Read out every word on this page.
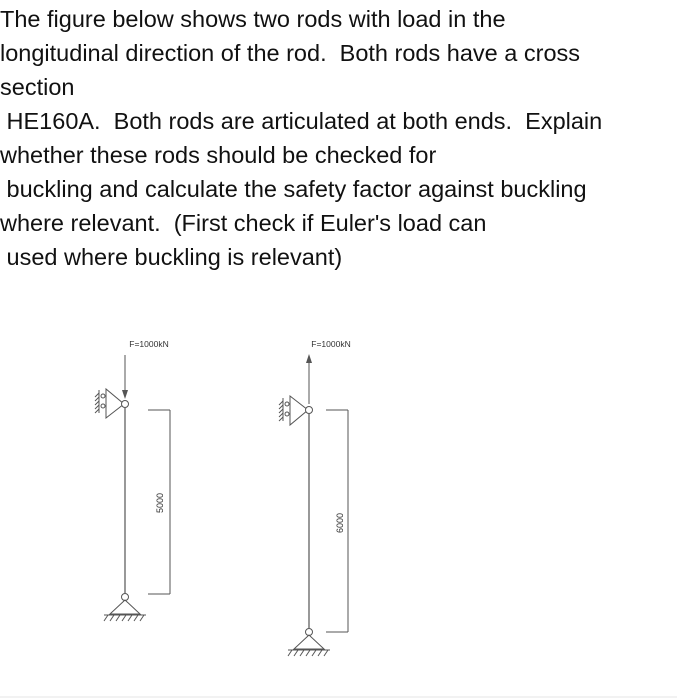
The figure below shows two rods with load in the
longitudinal direction of the rod.  Both rods have a cross
section
HE160A.  Both rods are articulated at both ends.  Explain
whether these rods should be checked for
buckling and calculate the safety factor against buckling
where relevant.  (First check if Euler's load can
used where buckling is relevant)
F=1000kN
5000
F=1000kN
6000
